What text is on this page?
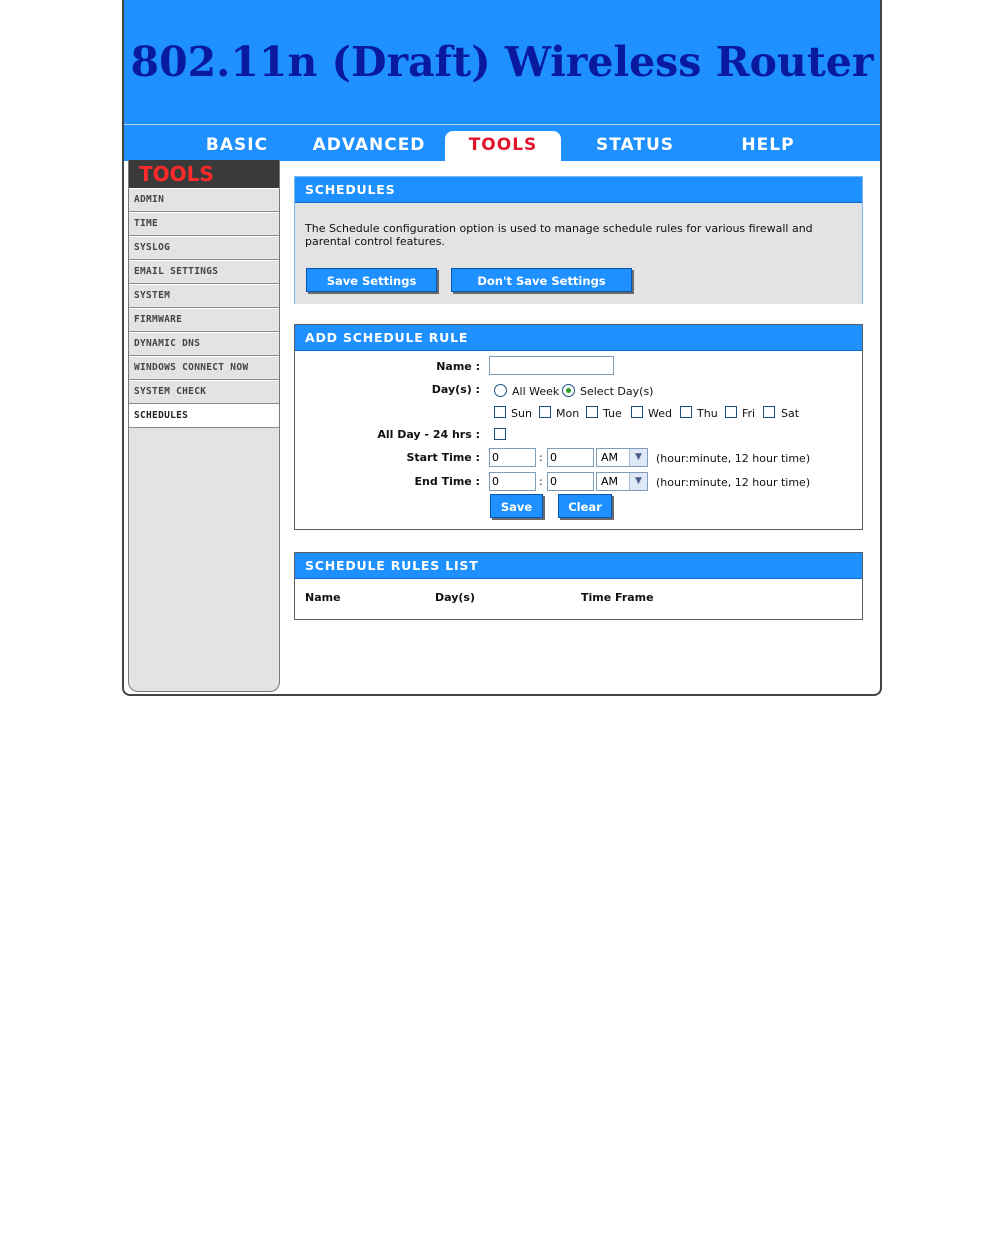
802.11n (Draft) Wireless Router
BASIC	ADVANCED	TOOLS	STATUS	HELP
TOOLS
ADMIN
TIME
SYSLOG
EMAIL SETTINGS
SYSTEM
FIRMWARE
DYNAMIC DNS
WINDOWS CONNECT NOW
SYSTEM CHECK
SCHEDULES
SCHEDULES
The Schedule configuration option is used to manage schedule rules for various firewall and parental control features.
Save Settings	Don't Save Settings
ADD SCHEDULE RULE
Name :
Day(s) :	All Week Select Day(s)
Sun Mon Tue Wed Thu Fri Sat
All Day - 24 hrs :
Start Time : 0	: 0	AM	▼	(hour:minute, 12 hour time)
End Time : 0	: 0	AM	▼	(hour:minute, 12 hour time)
Save	Clear
SCHEDULE RULES LIST
Name	Day(s)	Time Frame
